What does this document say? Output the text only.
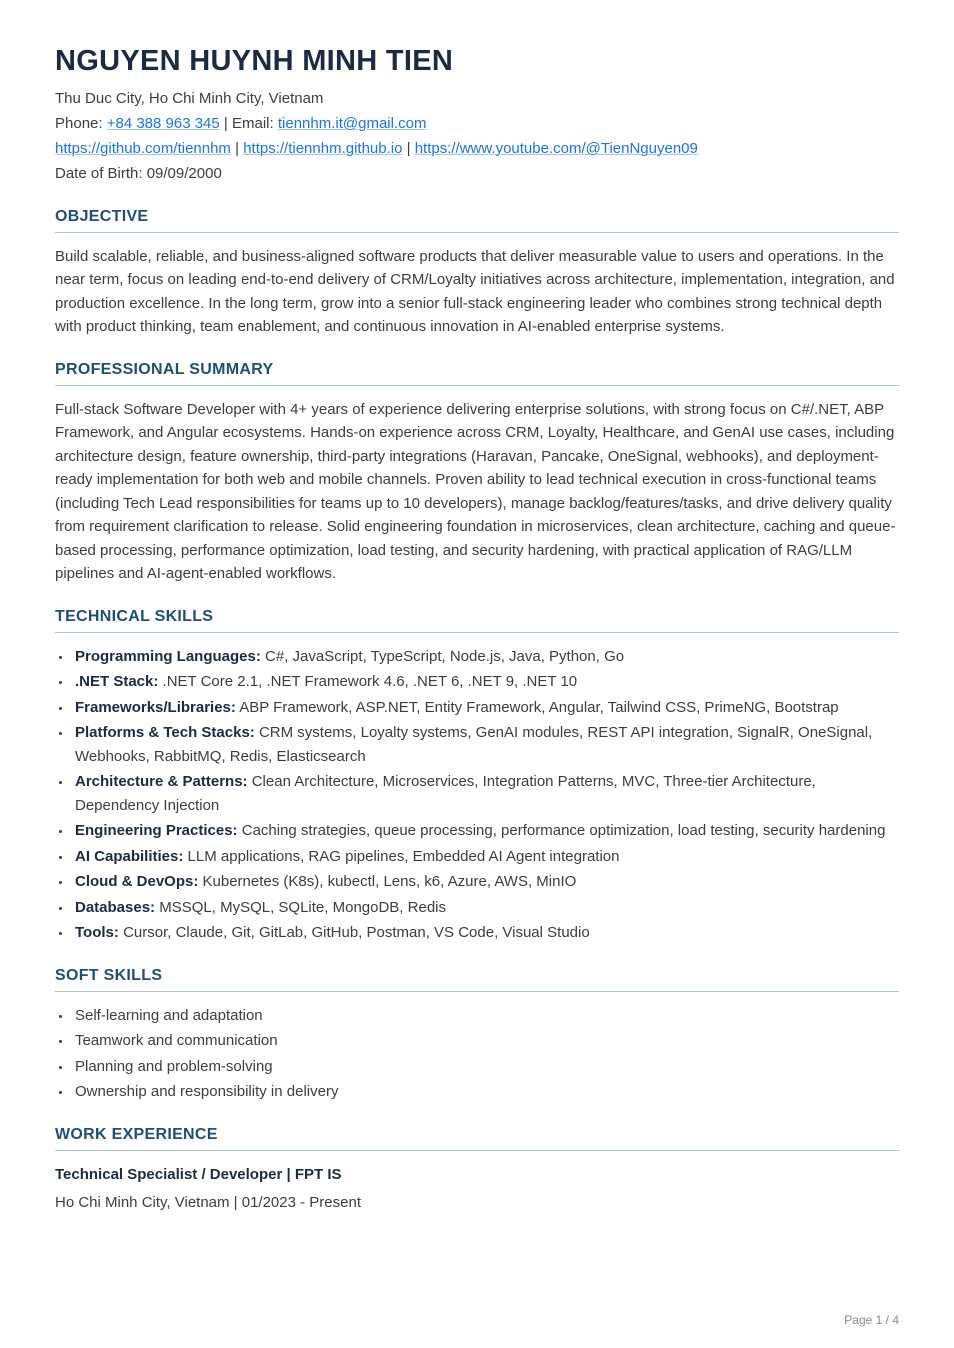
NGUYEN HUYNH MINH TIEN

Thu Duc City, Ho Chi Minh City, Vietnam

Phone: +84 388 963 345 | Email: tiennhm.it@gmail.com

https://github.com/tiennhm | https://tiennhm.github.io | https://www.youtube.com/@TienNguyen09

Date of Birth: 09/09/2000

OBJECTIVE

Build scalable, reliable, and business-aligned software products that deliver measurable value to users and operations. In the near term, focus on leading end-to-end delivery of CRM/Loyalty initiatives across architecture, implementation, integration, and production excellence. In the long term, grow into a senior full-stack engineering leader who combines strong technical depth with product thinking, team enablement, and continuous innovation in AI-enabled enterprise systems.

PROFESSIONAL SUMMARY

Full-stack Software Developer with 4+ years of experience delivering enterprise solutions, with strong focus on C#/.NET, ABP Framework, and Angular ecosystems. Hands-on experience across CRM, Loyalty, Healthcare, and GenAI use cases, including architecture design, feature ownership, third-party integrations (Haravan, Pancake, OneSignal, webhooks), and deployment-ready implementation for both web and mobile channels. Proven ability to lead technical execution in cross-functional teams (including Tech Lead responsibilities for teams up to 10 developers), manage backlog/features/tasks, and drive delivery quality from requirement clarification to release. Solid engineering foundation in microservices, clean architecture, caching and queue-based processing, performance optimization, load testing, and security hardening, with practical application of RAG/LLM pipelines and AI-agent-enabled workflows.

TECHNICAL SKILLS
• Programming Languages: C#, JavaScript, TypeScript, Node.js, Java, Python, Go
• .NET Stack: .NET Core 2.1, .NET Framework 4.6, .NET 6, .NET 9, .NET 10
• Frameworks/Libraries: ABP Framework, ASP.NET, Entity Framework, Angular, Tailwind CSS, PrimeNG, Bootstrap
• Platforms & Tech Stacks: CRM systems, Loyalty systems, GenAI modules, REST API integration, SignalR, OneSignal, Webhooks, RabbitMQ, Redis, Elasticsearch
• Architecture & Patterns: Clean Architecture, Microservices, Integration Patterns, MVC, Three-tier Architecture, Dependency Injection
• Engineering Practices: Caching strategies, queue processing, performance optimization, load testing, security hardening
• AI Capabilities: LLM applications, RAG pipelines, Embedded AI Agent integration
• Cloud & DevOps: Kubernetes (K8s), kubectl, Lens, k6, Azure, AWS, MinIO
• Databases: MSSQL, MySQL, SQLite, MongoDB, Redis
• Tools: Cursor, Claude, Git, GitLab, GitHub, Postman, VS Code, Visual Studio
SOFT SKILLS
• Self-learning and adaptation
• Teamwork and communication
• Planning and problem-solving
• Ownership and responsibility in delivery
WORK EXPERIENCE

Technical Specialist / Developer | FPT IS

Ho Chi Minh City, Vietnam | 01/2023 - Present

Page 1 / 4
